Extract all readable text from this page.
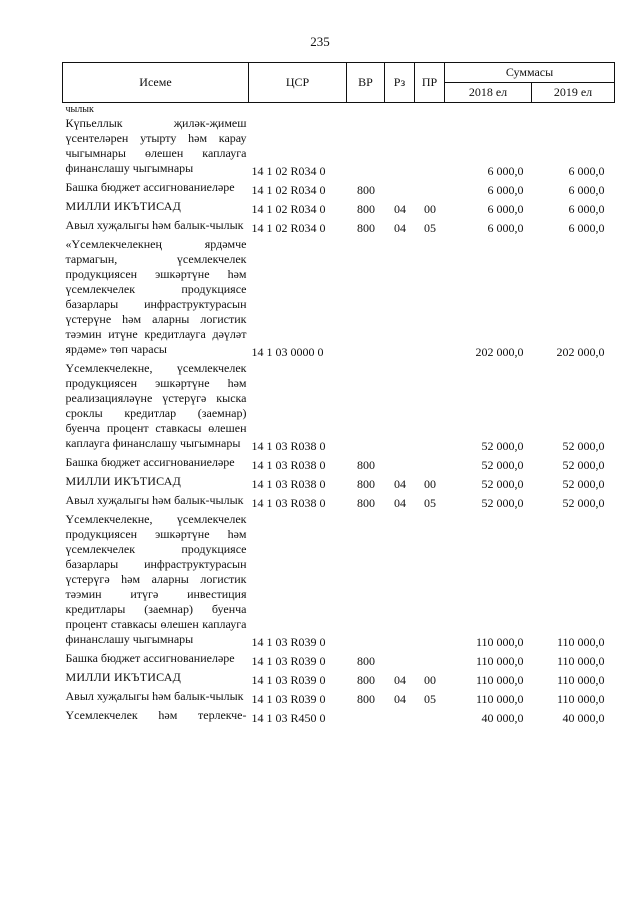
235
Исеме	ЦСР	ВР	Рз	ПР	Суммасы	
					2018 ел	2019 ел
чылык						
Күпьеллык җиләк-җимеш үсентеләрен утырту һәм карау чыгымнары өлешен каплауга финанслашу чыгымнары	14 1 02 R034 0				6 000,0	6 000,0
Башка бюджет ассигнованиеләре	14 1 02 R034 0	800			6 000,0	6 000,0
МИЛЛИ ИКЪТИСАД	14 1 02 R034 0	800	04	00	6 000,0	6 000,0
Авыл хуҗалыгы һәм балык-чылык	14 1 02 R034 0	800	04	05	6 000,0	6 000,0
«Үсемлекчелекнең ярдәмче тармагын, үсемлекчелек продукциясен эшкәртүне һәм үсемлекчелек продукциясе базарлары инфраструктурасын үстерүне һәм аларны логистик тәэмин итүне кредитлауга дәүләт ярдәме» төп чарасы	14 1 03 0000 0				202 000,0	202 000,0
Үсемлекчелекне, үсемлекчелек продукциясен эшкәртүне һәм реализацияләүне үстерүгә кыска сроклы кредитлар (заемнар) буенча процент ставкасы өлешен каплауга финанслашу чыгымнары	14 1 03 R038 0				52 000,0	52 000,0
Башка бюджет ассигнованиеләре	14 1 03 R038 0	800			52 000,0	52 000,0
МИЛЛИ ИКЪТИСАД	14 1 03 R038 0	800	04	00	52 000,0	52 000,0
Авыл хуҗалыгы һәм балык-чылык	14 1 03 R038 0	800	04	05	52 000,0	52 000,0
Үсемлекчелекне, үсемлекчелек продукциясен эшкәртүне һәм үсемлекчелек продукциясе базарлары инфраструктурасын үстерүгә һәм аларны логистик тәэмин итүгә инвестиция кредитлары (заемнар) буенча процент ставкасы өлешен каплауга финанслашу чыгымнары	14 1 03 R039 0				110 000,0	110 000,0
Башка бюджет ассигнованиеләре	14 1 03 R039 0	800			110 000,0	110 000,0
МИЛЛИ ИКЪТИСАД	14 1 03 R039 0	800	04	00	110 000,0	110 000,0
Авыл хуҗалыгы һәм балык-чылык	14 1 03 R039 0	800	04	05	110 000,0	110 000,0
Үсемлекчелек һәм терлекче-	14 1 03 R450 0				40 000,0	40 000,0
